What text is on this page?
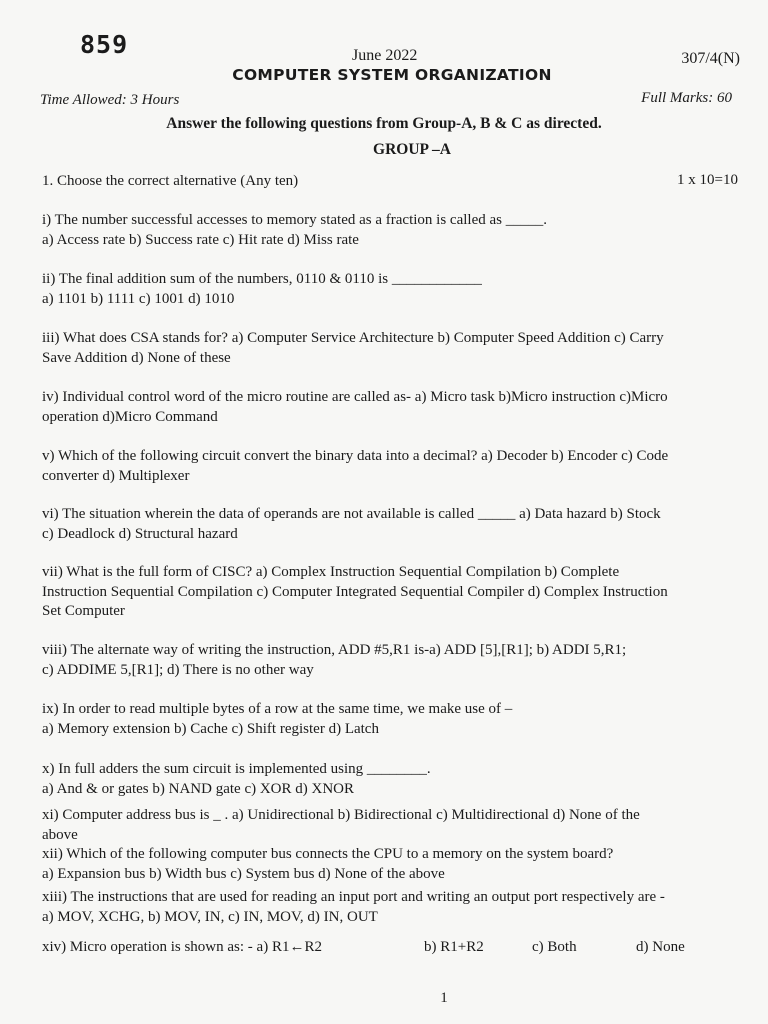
859	June 2022	307/4(N)
COMPUTER SYSTEM ORGANIZATION
Time Allowed: 3 Hours	Full Marks: 60
Answer the following questions from Group-A, B & C as directed.
GROUP –A
1. Choose the correct alternative (Any ten)	1 x 10=10

i) The number successful accesses to memory stated as a fraction is called as _____.

a) Access rate b) Success rate c) Hit rate d) Miss rate

ii) The final addition sum of the numbers, 0110 & 0110 is ____________

a) 1101 b) 1111 c) 1001 d) 1010

iii) What does CSA stands for? a) Computer Service Architecture b) Computer Speed Addition c) Carry

Save Addition d) None of these

iv) Individual control word of the micro routine are called as- a) Micro task b)Micro instruction c)Micro

operation d)Micro Command

v) Which of the following circuit convert the binary data into a decimal? a) Decoder b) Encoder c) Code

converter d) Multiplexer

vi) The situation wherein the data of operands are not available is called _____ a) Data hazard b) Stock

c) Deadlock d) Structural hazard

vii) What is the full form of CISC? a) Complex Instruction Sequential Compilation b) Complete

Instruction Sequential Compilation c) Computer Integrated Sequential Compiler d) Complex Instruction

Set Computer

viii) The alternate way of writing the instruction, ADD #5,R1 is-a) ADD [5],[R1]; b) ADDI 5,R1;

c) ADDIME 5,[R1]; d) There is no other way

ix) In order to read multiple bytes of a row at the same time, we make use of –

a) Memory extension b) Cache c) Shift register d) Latch

x) In full adders the sum circuit is implemented using ________.

a) And & or gates b) NAND gate c) XOR d) XNOR

xi) Computer address bus is _ . a) Unidirectional b) Bidirectional c) Multidirectional d) None of the

above

xii) Which of the following computer bus connects the CPU to a memory on the system board?

a) Expansion bus b) Width bus c) System bus d) None of the above

xiii) The instructions that are used for reading an input port and writing an output port respectively are -

a) MOV, XCHG, b) MOV, IN, c) IN, MOV, d) IN, OUT

xiv) Micro operation is shown as: - a) R1←R2	b) R1+R2	c) Both	d) None
1
